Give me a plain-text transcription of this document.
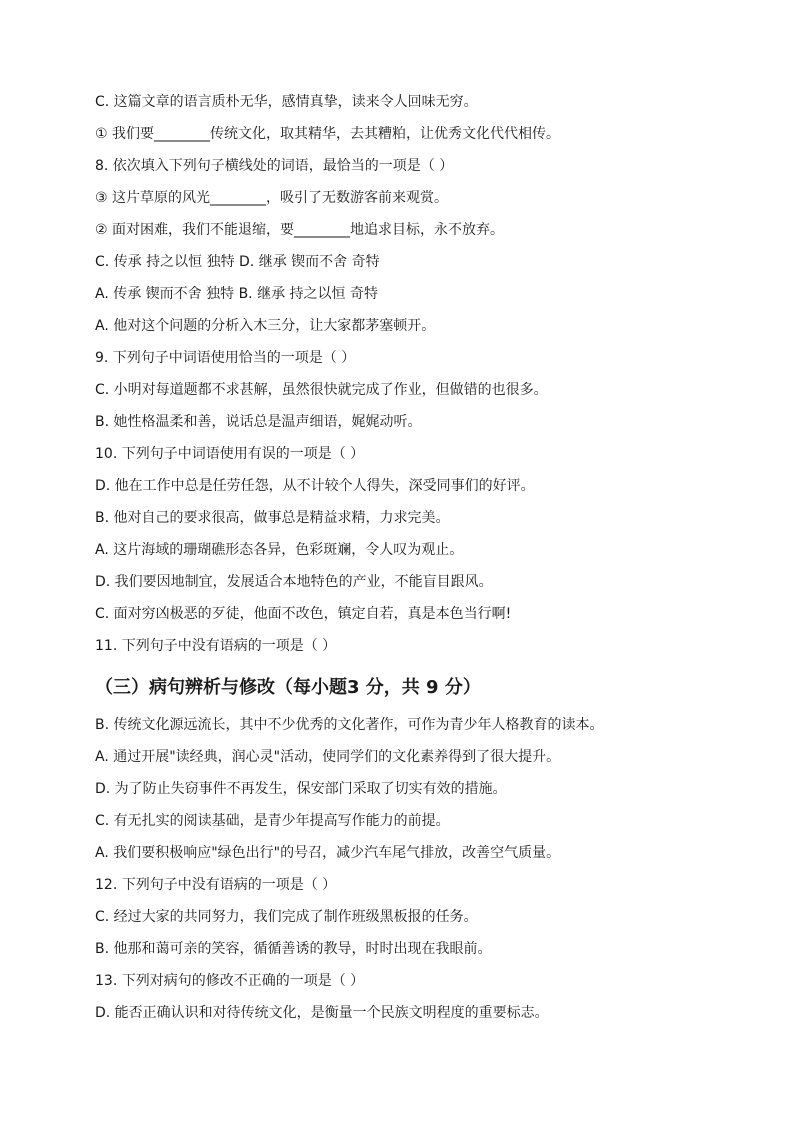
C. 这篇文章的语言质朴无华，感情真挚，读来令人回味无穷。
① 我们要________传统文化，取其精华，去其糟粕，让优秀文化代代相传。
8. 依次填入下列句子横线处的词语，最恰当的一项是（ ）
③ 这片草原的风光________，吸引了无数游客前来观赏。
② 面对困难，我们不能退缩，要________地追求目标，永不放弃。
C. 传承 持之以恒 独特 D. 继承 锲而不舍 奇特
A. 传承 锲而不舍 独特 B. 继承 持之以恒 奇特
A. 他对这个问题的分析入木三分，让大家都茅塞顿开。
9. 下列句子中词语使用恰当的一项是（ ）
C. 小明对每道题都不求甚解，虽然很快就完成了作业，但做错的也很多。
B. 她性格温柔和善，说话总是温声细语，娓娓动听。
10. 下列句子中词语使用有误的一项是（ ）
D. 他在工作中总是任劳任怨，从不计较个人得失，深受同事们的好评。
B. 他对自己的要求很高，做事总是精益求精，力求完美。
A. 这片海域的珊瑚礁形态各异，色彩斑斓，令人叹为观止。
D. 我们要因地制宜，发展适合本地特色的产业，不能盲目跟风。
C. 面对穷凶极恶的歹徒，他面不改色，镇定自若，真是本色当行啊!
11. 下列句子中没有语病的一项是（ ）
（三）病句辨析与修改（每小题3 分，共 9 分）
B. 传统文化源远流长，其中不少优秀的文化著作，可作为青少年人格教育的读本。
A. 通过开展"读经典，润心灵"活动，使同学们的文化素养得到了很大提升。
D. 为了防止失窃事件不再发生，保安部门采取了切实有效的措施。
C. 有无扎实的阅读基础，是青少年提高写作能力的前提。
A. 我们要积极响应"绿色出行"的号召，减少汽车尾气排放，改善空气质量。
12. 下列句子中没有语病的一项是（ ）
C. 经过大家的共同努力，我们完成了制作班级黑板报的任务。
B. 他那和蔼可亲的笑容，循循善诱的教导，时时出现在我眼前。
13. 下列对病句的修改不正确的一项是（ ）
D. 能否正确认识和对待传统文化，是衡量一个民族文明程度的重要标志。
